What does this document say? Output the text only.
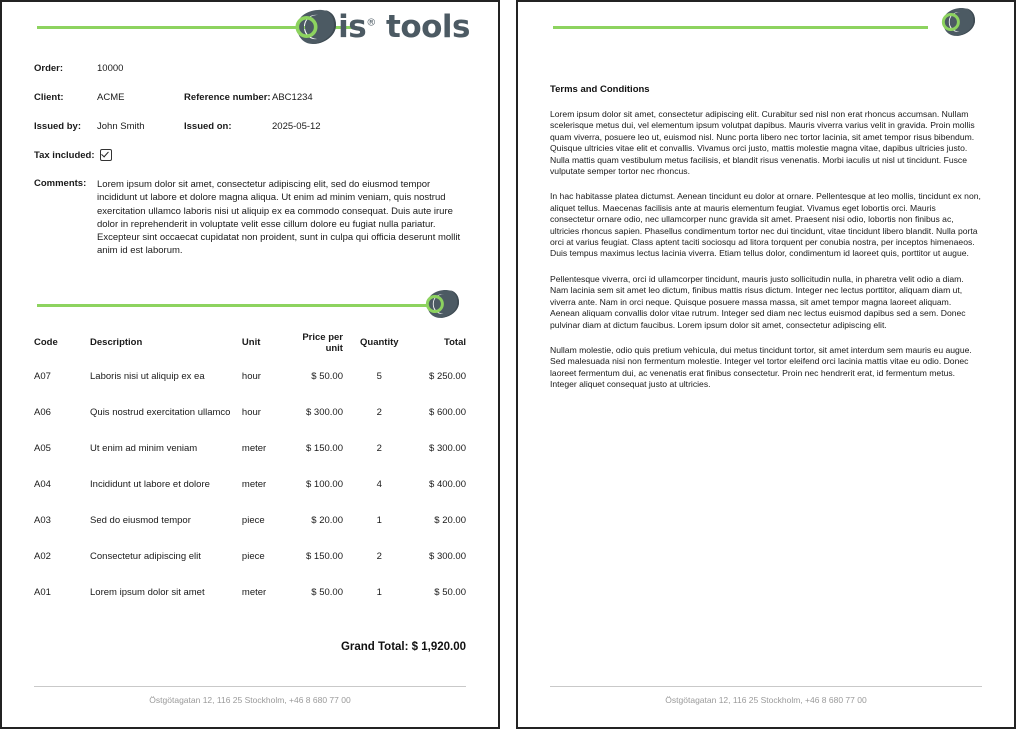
is® tools
Order:	10000
Client:	ACME	Reference number: ABC1234
Issued by:	John Smith	Issued on:	2025-05-12
Tax included:
Comments:	Lorem ipsum dolor sit amet, consectetur adipiscing elit, sed do eiusmod tempor incididunt ut labore et dolore magna aliqua. Ut enim ad minim veniam, quis nostrud exercitation ullamco laboris nisi ut aliquip ex ea commodo consequat. Duis aute irure dolor in reprehenderit in voluptate velit esse cillum dolore eu fugiat nulla pariatur. Excepteur sint occaecat cupidatat non proident, sunt in culpa qui officia deserunt mollit anim id est laborum.
Code	Description	Unit	Price per unit	Quantity	Total
A07	Laboris nisi ut aliquip ex ea	hour	$ 50.00	5	$ 250.00
A06	Quis nostrud exercitation ullamco	hour	$ 300.00	2	$ 600.00
A05	Ut enim ad minim veniam	meter	$ 150.00	2	$ 300.00
A04	Incididunt ut labore et dolore	meter	$ 100.00	4	$ 400.00
A03	Sed do eiusmod tempor	piece	$ 20.00	1	$ 20.00
A02	Consectetur adipiscing elit	piece	$ 150.00	2	$ 300.00
A01	Lorem ipsum dolor sit amet	meter	$ 50.00	1	$ 50.00
Grand Total: $ 1,920.00
Östgötagatan 12, 116 25 Stockholm, +46 8 680 77 00
Terms and Conditions

Lorem ipsum dolor sit amet, consectetur adipiscing elit. Curabitur sed nisl non erat rhoncus accumsan. Nullam scelerisque metus dui, vel elementum ipsum volutpat dapibus. Mauris viverra varius velit in gravida. Proin mollis quam viverra, posuere leo ut, euismod nisl. Nunc porta libero nec tortor lacinia, sit amet tempor risus bibendum. Quisque ultricies vitae elit et convallis. Vivamus orci justo, mattis molestie magna vitae, dapibus ultricies justo. Nulla mattis quam vestibulum metus facilisis, et blandit risus venenatis. Morbi iaculis ut nisl ut tincidunt. Fusce vulputate semper tortor nec rhoncus.

In hac habitasse platea dictumst. Aenean tincidunt eu dolor at ornare. Pellentesque at leo mollis, tincidunt ex non, aliquet tellus. Maecenas facilisis ante at mauris elementum feugiat. Vivamus eget lobortis orci. Mauris consectetur ornare odio, nec ullamcorper nunc gravida sit amet. Praesent nisi odio, lobortis non finibus ac, ultricies rhoncus sapien. Phasellus condimentum tortor nec dui tincidunt, vitae tincidunt libero blandit. Nulla porta orci at varius feugiat. Class aptent taciti sociosqu ad litora torquent per conubia nostra, per inceptos himenaeos. Duis tempus maximus lectus lacinia viverra. Etiam tellus dolor, condimentum id laoreet quis, porttitor ut augue.

Pellentesque viverra, orci id ullamcorper tincidunt, mauris justo sollicitudin nulla, in pharetra velit odio a diam. Nam lacinia sem sit amet leo dictum, finibus mattis risus dictum. Integer nec lectus porttitor, aliquam diam ut, viverra ante. Nam in orci neque. Quisque posuere massa massa, sit amet tempor magna laoreet aliquam. Aenean aliquam convallis dolor vitae rutrum. Integer sed diam nec lectus euismod dapibus sed a sem. Donec pulvinar diam at dictum faucibus. Lorem ipsum dolor sit amet, consectetur adipiscing elit.

Nullam molestie, odio quis pretium vehicula, dui metus tincidunt tortor, sit amet interdum sem mauris eu augue. Sed malesuada nisi non fermentum molestie. Integer vel tortor eleifend orci lacinia mattis vitae eu odio. Donec laoreet fermentum dui, ac venenatis erat finibus consectetur. Proin nec hendrerit erat, id fermentum metus. Integer aliquet consequat justo at ultricies.

Östgötagatan 12, 116 25 Stockholm, +46 8 680 77 00
